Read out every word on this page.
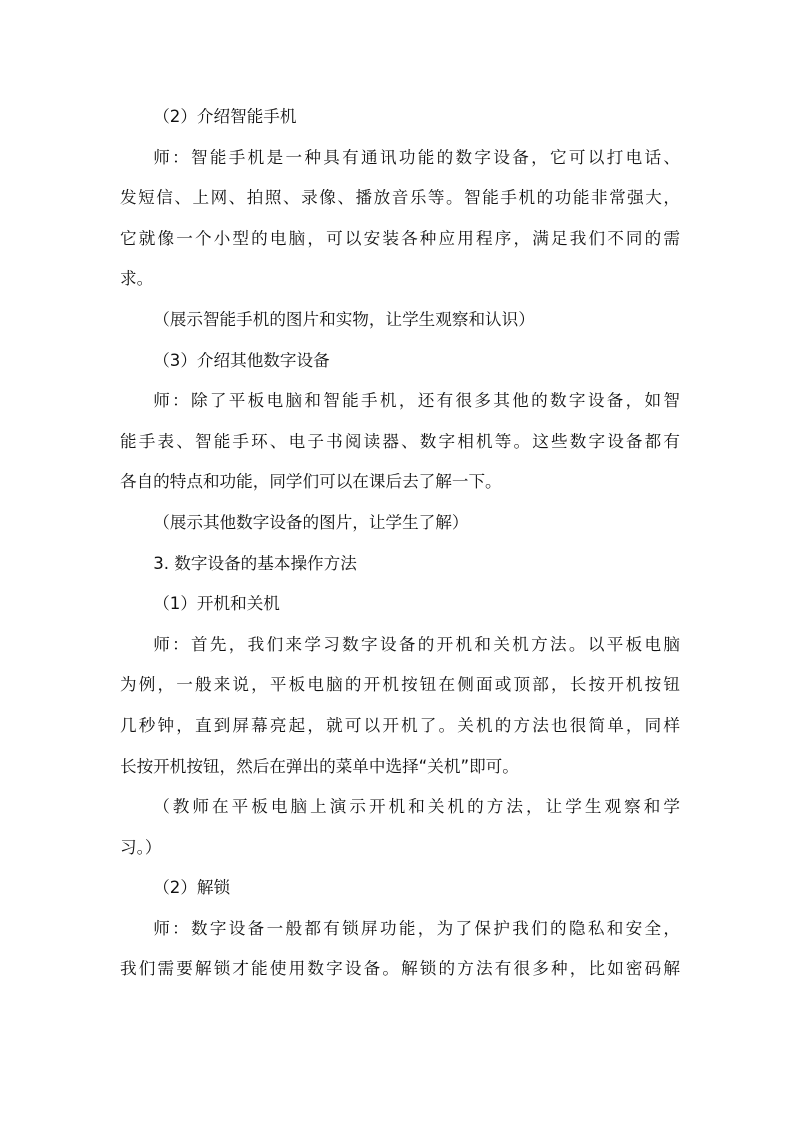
（2）介绍智能手机
师：智能手机是一种具有通讯功能的数字设备，它可以打电话、
发短信、上网、拍照、录像、播放音乐等。智能手机的功能非常强大，
它就像一个小型的电脑，可以安装各种应用程序，满足我们不同的需
求。
（展示智能手机的图片和实物，让学生观察和认识）
（3）介绍其他数字设备
师：除了平板电脑和智能手机，还有很多其他的数字设备，如智
能手表、智能手环、电子书阅读器、数字相机等。这些数字设备都有
各自的特点和功能，同学们可以在课后去了解一下。
（展示其他数字设备的图片，让学生了解）
3. 数字设备的基本操作方法
（1）开机和关机
师：首先，我们来学习数字设备的开机和关机方法。以平板电脑
为例，一般来说，平板电脑的开机按钮在侧面或顶部，长按开机按钮
几秒钟，直到屏幕亮起，就可以开机了。关机的方法也很简单，同样
长按开机按钮，然后在弹出的菜单中选择“关机”即可。
（教师在平板电脑上演示开机和关机的方法，让学生观察和学
习。）
（2）解锁
师：数字设备一般都有锁屏功能，为了保护我们的隐私和安全，
我们需要解锁才能使用数字设备。解锁的方法有很多种，比如密码解
